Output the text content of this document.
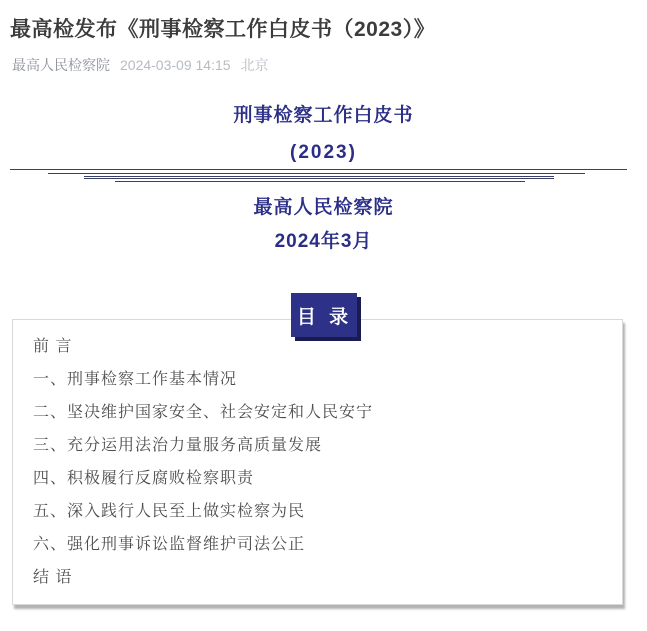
最高检发布《刑事检察工作白皮书（2023）》
最高人民检察院 2024-03-09 14:15 北京
刑事检察工作白皮书
(2023)
最高人民检察院
2024年3月
目 录
前 言
一、刑事检察工作基本情况
二、坚决维护国家安全、社会安定和人民安宁
三、充分运用法治力量服务高质量发展
四、积极履行反腐败检察职责
五、深入践行人民至上做实检察为民
六、强化刑事诉讼监督维护司法公正
结 语
